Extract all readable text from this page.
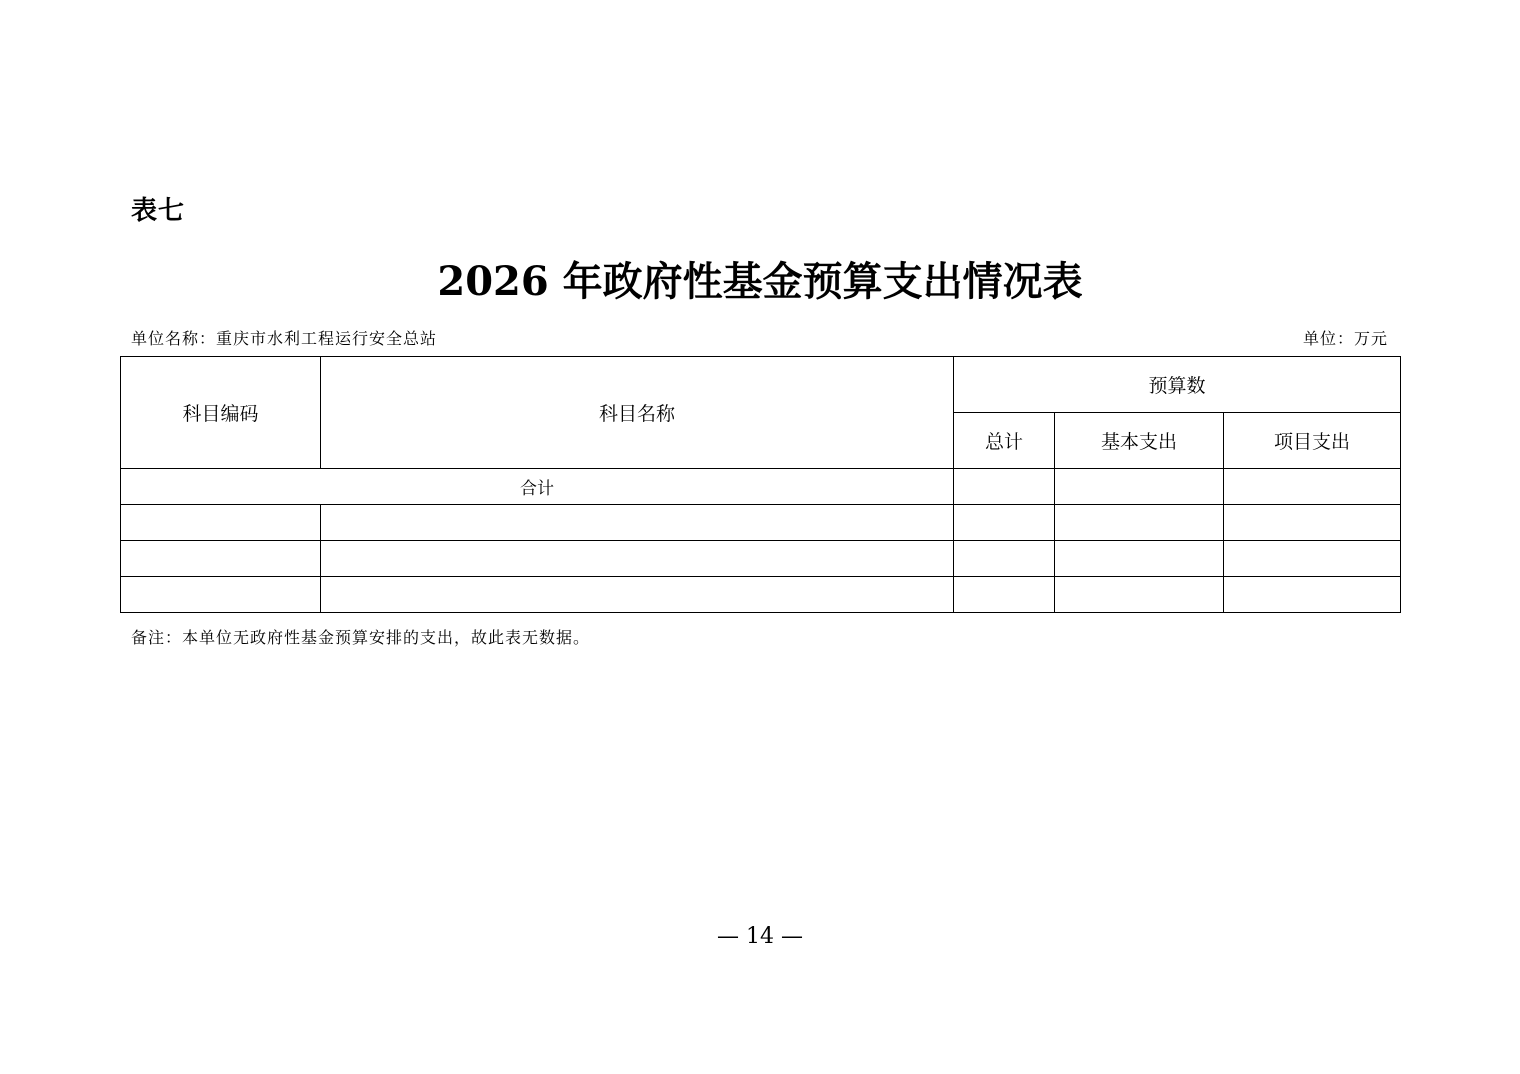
表七
2026 年政府性基金预算支出情况表
单位名称：重庆市水利工程运行安全总站	单位：万元
科目编码	科目名称	预算数		
		总计	基本支出	项目支出
合计				

备注：本单位无政府性基金预算安排的支出，故此表无数据。
— 14 —
